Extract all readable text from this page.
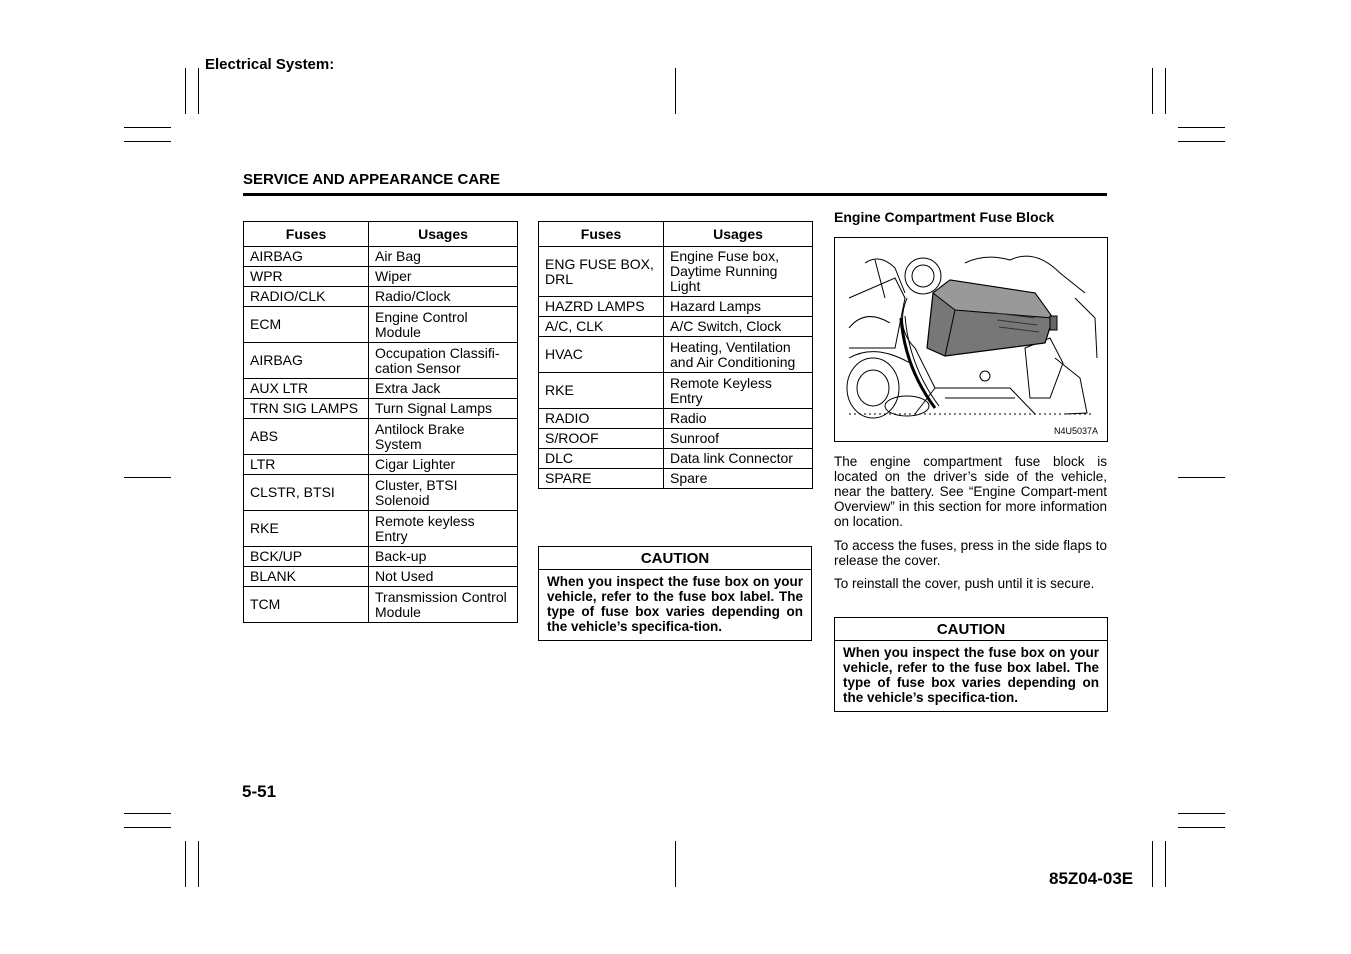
Electrical System:
SERVICE AND APPEARANCE CARE
Fuses	Usages
AIRBAG	Air Bag
WPR	Wiper
RADIO/CLK	Radio/Clock
ECM	Engine Control Module
AIRBAG	Occupation Classifi-cation Sensor
AUX LTR	Extra Jack
TRN SIG LAMPS	Turn Signal Lamps
ABS	Antilock Brake System
LTR	Cigar Lighter
CLSTR, BTSI	Cluster, BTSI Solenoid
RKE	Remote keyless Entry
BCK/UP	Back-up
BLANK	Not Used
TCM	Transmission Control Module
Fuses	Usages
ENG FUSE BOX, DRL	Engine Fuse box, Daytime Running Light
HAZRD LAMPS	Hazard Lamps
A/C, CLK	A/C Switch, Clock
HVAC	Heating, Ventilation and Air Conditioning
RKE	Remote Keyless Entry
RADIO	Radio
S/ROOF	Sunroof
DLC	Data link Connector
SPARE	Spare
CAUTION
When you inspect the fuse box on your vehicle, refer to the fuse box label. The type of fuse box varies depending on the vehicle’s specifica-tion.
Engine Compartment Fuse Block
N4U5037A
The engine compartment fuse block is located on the driver’s side of the vehicle, near the battery. See “Engine Compart-ment Overview” in this section for more information on location.
To access the fuses, press in the side flaps to release the cover.
To reinstall the cover, push until it is secure.
CAUTION
When you inspect the fuse box on your vehicle, refer to the fuse box label. The type of fuse box varies depending on the vehicle’s specifica-tion.
5-51
85Z04-03E
